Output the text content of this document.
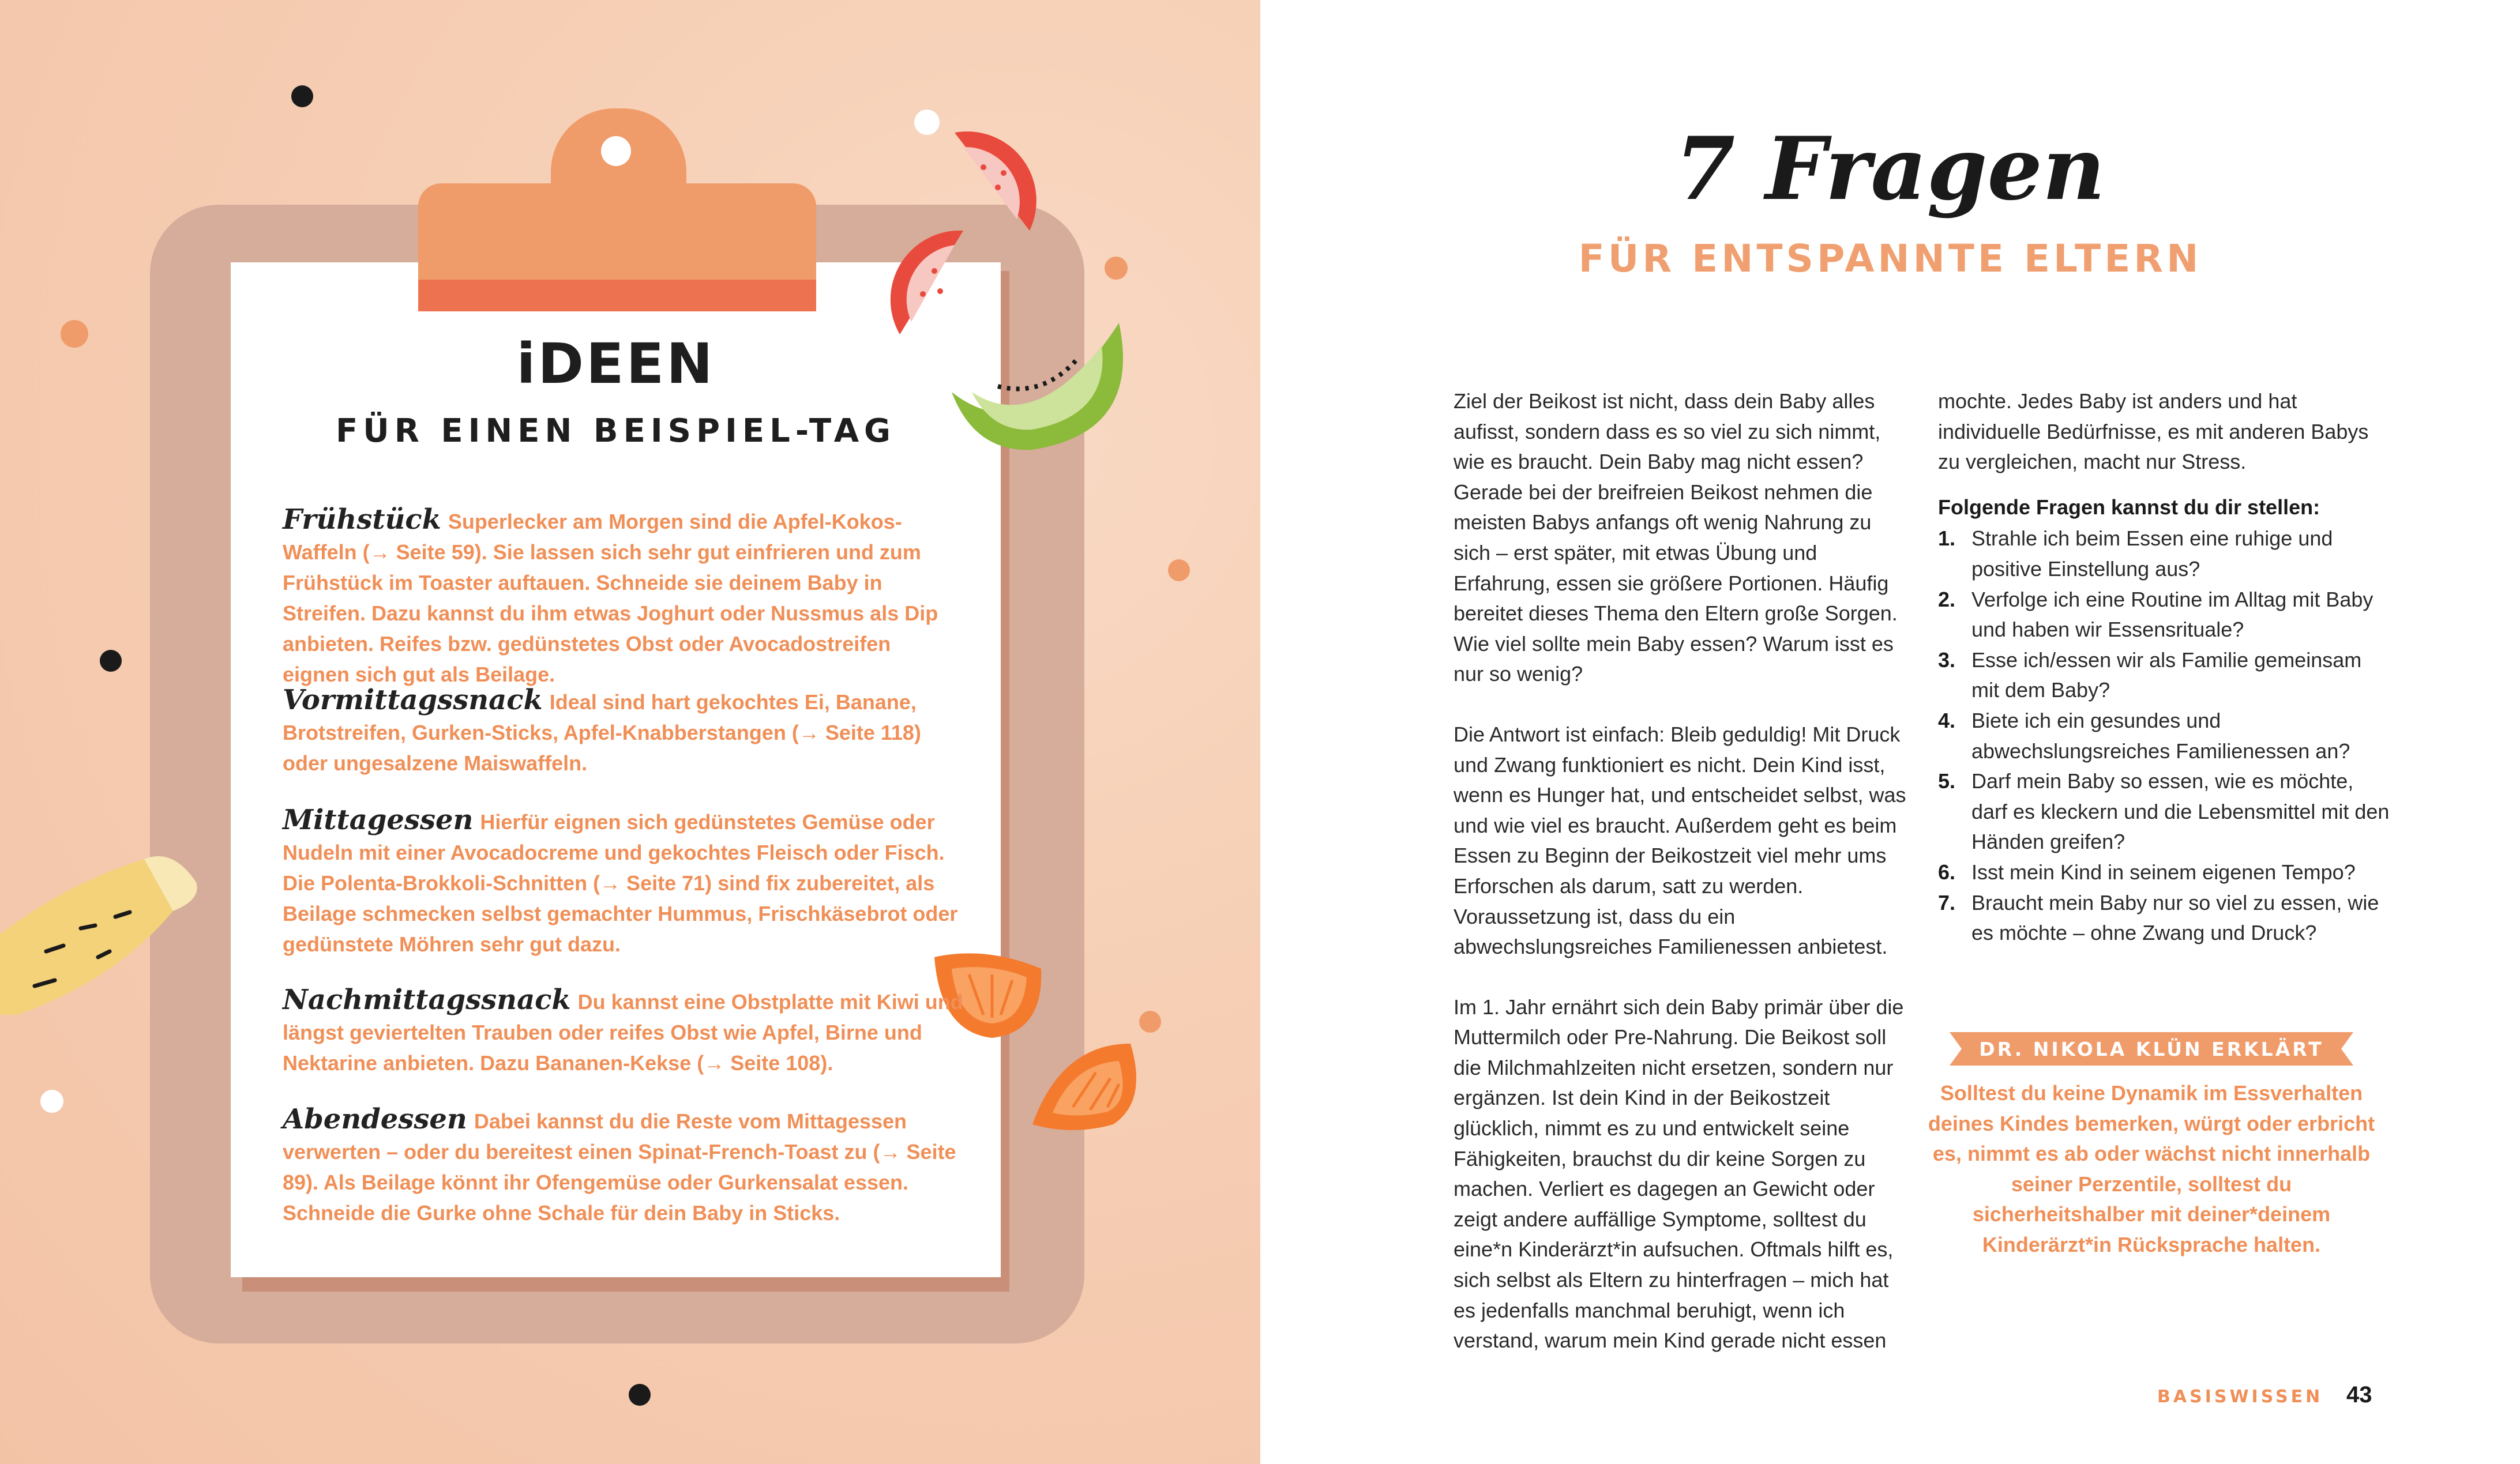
iDEEN
FÜR EINEN BEISPIEL-TAG
Frühstück Superlecker am Morgen sind die Apfel-Kokos-Waffeln (→ Seite 59). Sie lassen sich sehr gut einfrieren und zum Frühstück im Toaster auftauen. Schneide sie deinem Baby in Streifen. Dazu kannst du ihm etwas Joghurt oder Nussmus als Dip anbieten. Reifes bzw. gedünstetes Obst oder Avocadostreifen eignen sich gut als Beilage.
Vormittagssnack Ideal sind hart gekochtes Ei, Banane, Brotstreifen, Gurken-Sticks, Apfel-Knabberstangen (→ Seite 118) oder ungesalzene Maiswaffeln.
Mittagessen Hierfür eignen sich gedünstetes Gemüse oder Nudeln mit einer Avocadocreme und gekochtes Fleisch oder Fisch. Die Polenta-Brokkoli-Schnitten (→ Seite 71) sind fix zubereitet, als Beilage schmecken selbst gemachter Hummus, Frischkäsebrot oder gedünstete Möhren sehr gut dazu.
Nachmittagssnack Du kannst eine Obstplatte mit Kiwi und längst geviertelten Trauben oder reifes Obst wie Apfel, Birne und Nektarine anbieten. Dazu Bananen-Kekse (→ Seite 108).
Abendessen Dabei kannst du die Reste vom Mittagessen verwerten – oder du bereitest einen Spinat-French-Toast zu (→ Seite 89). Als Beilage könnt ihr Ofengemüse oder Gurkensalat essen. Schneide die Gurke ohne Schale für dein Baby in Sticks.
7 Fragen
FÜR ENTSPANNTE ELTERN

Ziel der Beikost ist nicht, dass dein Baby alles aufisst, sondern dass es so viel zu sich nimmt, wie es braucht. Dein Baby mag nicht essen? Gerade bei der breifreien Beikost nehmen die meisten Babys anfangs oft wenig Nahrung zu sich – erst später, mit etwas Übung und Erfahrung, essen sie größere Portionen. Häufig bereitet dieses Thema den Eltern große Sorgen. Wie viel sollte mein Baby essen? Warum isst es nur so wenig?

Die Antwort ist einfach: Bleib geduldig! Mit Druck und Zwang funktioniert es nicht. Dein Kind isst, wenn es Hunger hat, und entscheidet selbst, was und wie viel es braucht. Außerdem geht es beim Essen zu Beginn der Beikostzeit viel mehr ums Erforschen als darum, satt zu werden. Voraussetzung ist, dass du ein abwechslungsreiches Familienessen anbietest.

Im 1. Jahr ernährt sich dein Baby primär über die Muttermilch oder Pre-Nahrung. Die Beikost soll die Milchmahlzeiten nicht ersetzen, sondern nur ergänzen. Ist dein Kind in der Beikostzeit glücklich, nimmt es zu und entwickelt seine Fähigkeiten, brauchst du dir keine Sorgen zu machen. Verliert es dagegen an Gewicht oder zeigt andere auffällige Symptome, solltest du eine*n Kinderärzt*in aufsuchen. Oftmals hilft es, sich selbst als Eltern zu hinterfragen – mich hat es jedenfalls manchmal beruhigt, wenn ich verstand, warum mein Kind gerade nicht essen

mochte. Jedes Baby ist anders und hat individuelle Bedürfnisse, es mit anderen Babys zu vergleichen, macht nur Stress.

Folgende Fragen kannst du dir stellen:
1. Strahle ich beim Essen eine ruhige und positive Einstellung aus?
2. Verfolge ich eine Routine im Alltag mit Baby und haben wir Essensrituale?
3. Esse ich/essen wir als Familie gemeinsam mit dem Baby?
4. Biete ich ein gesundes und abwechslungsreiches Familienessen an?
5. Darf mein Baby so essen, wie es möchte, darf es kleckern und die Lebensmittel mit den Händen greifen?
6. Isst mein Kind in seinem eigenen Tempo?
7. Braucht mein Baby nur so viel zu essen, wie es möchte – ohne Zwang und Druck?
DR. NIKOLA KLÜN ERKLÄRT
Solltest du keine Dynamik im Essverhalten deines Kindes bemerken, würgt oder erbricht es, nimmt es ab oder wächst nicht innerhalb seiner Perzentile, solltest du sicherheitshalber mit deiner*deinem Kinderärzt*in Rücksprache halten.
BASISWISSEN 43
